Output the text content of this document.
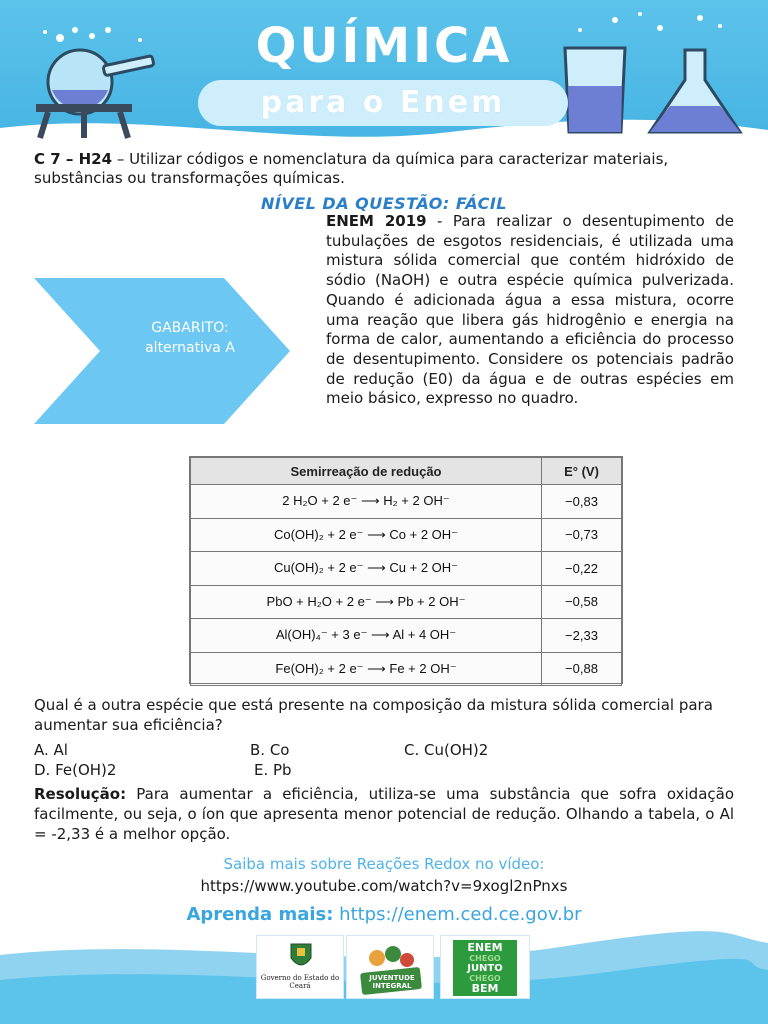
QUÍMICA
para o Enem
C 7 – H24 – Utilizar códigos e nomenclatura da química para caracterizar materiais, substâncias ou transformações químicas.
NÍVEL DA QUESTÃO: FÁCIL
GABARITO:
alternativa A
ENEM 2019 - Para realizar o desentupimento de tubulações de esgotos residenciais, é utilizada uma mistura sólida comercial que contém hidróxido de sódio (NaOH) e outra espécie química pulverizada. Quando é adicionada água a essa mistura, ocorre uma reação que libera gás hidrogênio e energia na forma de calor, aumentando a eficiência do processo de desentupimento. Considere os potenciais padrão de redução (E0) da água e de outras espécies em meio básico, expresso no quadro.
Semirreação de redução	E° (V)
2 H₂O + 2 e⁻ ⟶ H₂ + 2 OH⁻	−0,83
Co(OH)₂ + 2 e⁻ ⟶ Co + 2 OH⁻	−0,73
Cu(OH)₂ + 2 e⁻ ⟶ Cu + 2 OH⁻	−0,22
PbO + H₂O + 2 e⁻ ⟶ Pb + 2 OH⁻	−0,58
Al(OH)₄⁻ + 3 e⁻ ⟶ Al + 4 OH⁻	−2,33
Fe(OH)₂ + 2 e⁻ ⟶ Fe + 2 OH⁻	−0,88
Qual é a outra espécie que está presente na composição da mistura sólida comercial para aumentar sua eficiência?
A. Al	B. Co	C. Cu(OH)2
D. Fe(OH)2	E. Pb
Resolução: Para aumentar a eficiência, utiliza-se uma substância que sofra oxidação facilmente, ou seja, o íon que apresenta menor potencial de redução. Olhando a tabela, o Al = -2,33 é a melhor opção.
Saiba mais sobre Reações Redox no vídeo:
https://www.youtube.com/watch?v=9xogl2nPnxs
Aprenda mais: https://enem.ced.ce.gov.br
Governo do Estado do Ceará
JUVENTUDE INTEGRAL
ENEM
CHEGO
JUNTO
CHEGO
BEM
